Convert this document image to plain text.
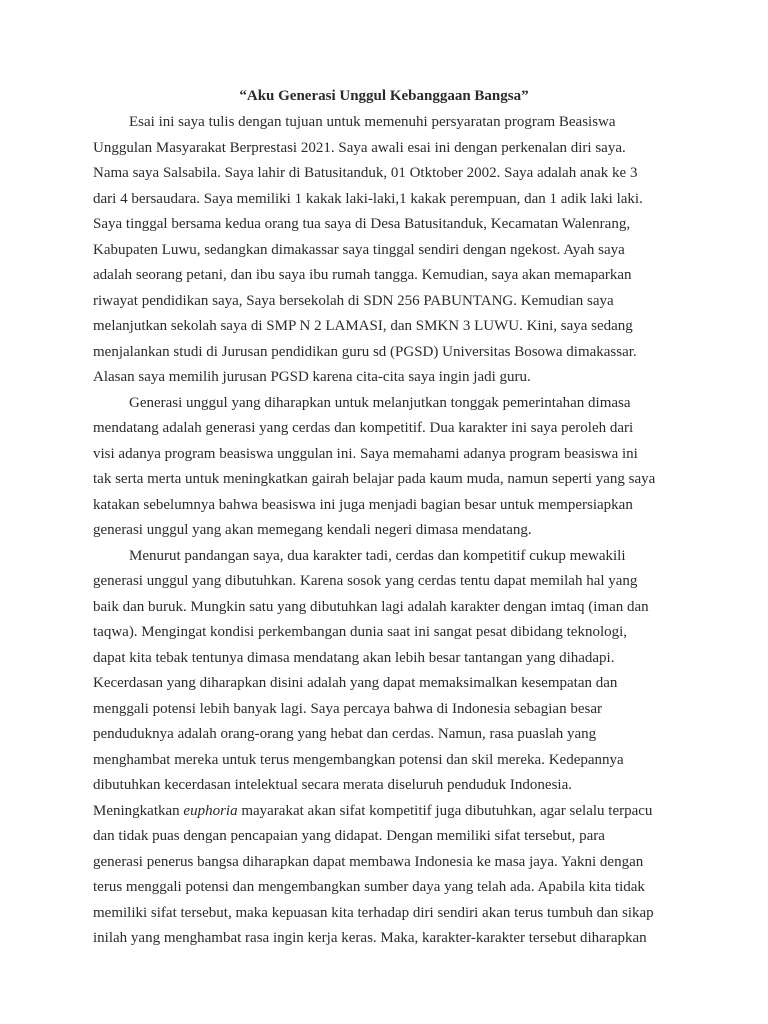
“Aku Generasi Unggul Kebanggaan Bangsa”
Esai ini saya tulis dengan tujuan untuk memenuhi persyaratan program Beasiswa
Unggulan Masyarakat Berprestasi 2021. Saya awali esai ini dengan perkenalan diri saya.
Nama saya Salsabila. Saya lahir di Batusitanduk, 01 Otktober 2002. Saya adalah anak ke 3
dari 4 bersaudara. Saya memiliki 1 kakak laki-laki,1 kakak perempuan, dan 1 adik laki laki.
Saya tinggal bersama kedua orang tua saya di Desa Batusitanduk, Kecamatan Walenrang,
Kabupaten Luwu, sedangkan dimakassar saya tinggal sendiri dengan ngekost. Ayah saya
adalah seorang petani, dan ibu saya ibu rumah tangga. Kemudian, saya akan memaparkan
riwayat pendidikan saya, Saya bersekolah di SDN 256 PABUNTANG. Kemudian saya
melanjutkan sekolah saya di SMP N 2 LAMASI, dan SMKN 3 LUWU. Kini, saya sedang
menjalankan studi di Jurusan pendidikan guru sd (PGSD) Universitas Bosowa dimakassar.
Alasan saya memilih jurusan PGSD karena cita-cita saya ingin jadi guru.
Generasi unggul yang diharapkan untuk melanjutkan tonggak pemerintahan dimasa
mendatang adalah generasi yang cerdas dan kompetitif. Dua karakter ini saya peroleh dari
visi adanya program beasiswa unggulan ini. Saya memahami adanya program beasiswa ini
tak serta merta untuk meningkatkan gairah belajar pada kaum muda, namun seperti yang saya
katakan sebelumnya bahwa beasiswa ini juga menjadi bagian besar untuk mempersiapkan
generasi unggul yang akan memegang kendali negeri dimasa mendatang.
Menurut pandangan saya, dua karakter tadi, cerdas dan kompetitif cukup mewakili
generasi unggul yang dibutuhkan. Karena sosok yang cerdas tentu dapat memilah hal yang
baik dan buruk. Mungkin satu yang dibutuhkan lagi adalah karakter dengan imtaq (iman dan
taqwa). Mengingat kondisi perkembangan dunia saat ini sangat pesat dibidang teknologi,
dapat kita tebak tentunya dimasa mendatang akan lebih besar tantangan yang dihadapi.
Kecerdasan yang diharapkan disini adalah yang dapat memaksimalkan kesempatan dan
menggali potensi lebih banyak lagi. Saya percaya bahwa di Indonesia sebagian besar
penduduknya adalah orang-orang yang hebat dan cerdas. Namun, rasa puaslah yang
menghambat mereka untuk terus mengembangkan potensi dan skil mereka. Kedepannya
dibutuhkan kecerdasan intelektual secara merata diseluruh penduduk Indonesia.
Meningkatkan euphoria mayarakat akan sifat kompetitif juga dibutuhkan, agar selalu terpacu
dan tidak puas dengan pencapaian yang didapat. Dengan memiliki sifat tersebut, para
generasi penerus bangsa diharapkan dapat membawa Indonesia ke masa jaya. Yakni dengan
terus menggali potensi dan mengembangkan sumber daya yang telah ada. Apabila kita tidak
memiliki sifat tersebut, maka kepuasan kita terhadap diri sendiri akan terus tumbuh dan sikap
inilah yang menghambat rasa ingin kerja keras. Maka, karakter-karakter tersebut diharapkan
